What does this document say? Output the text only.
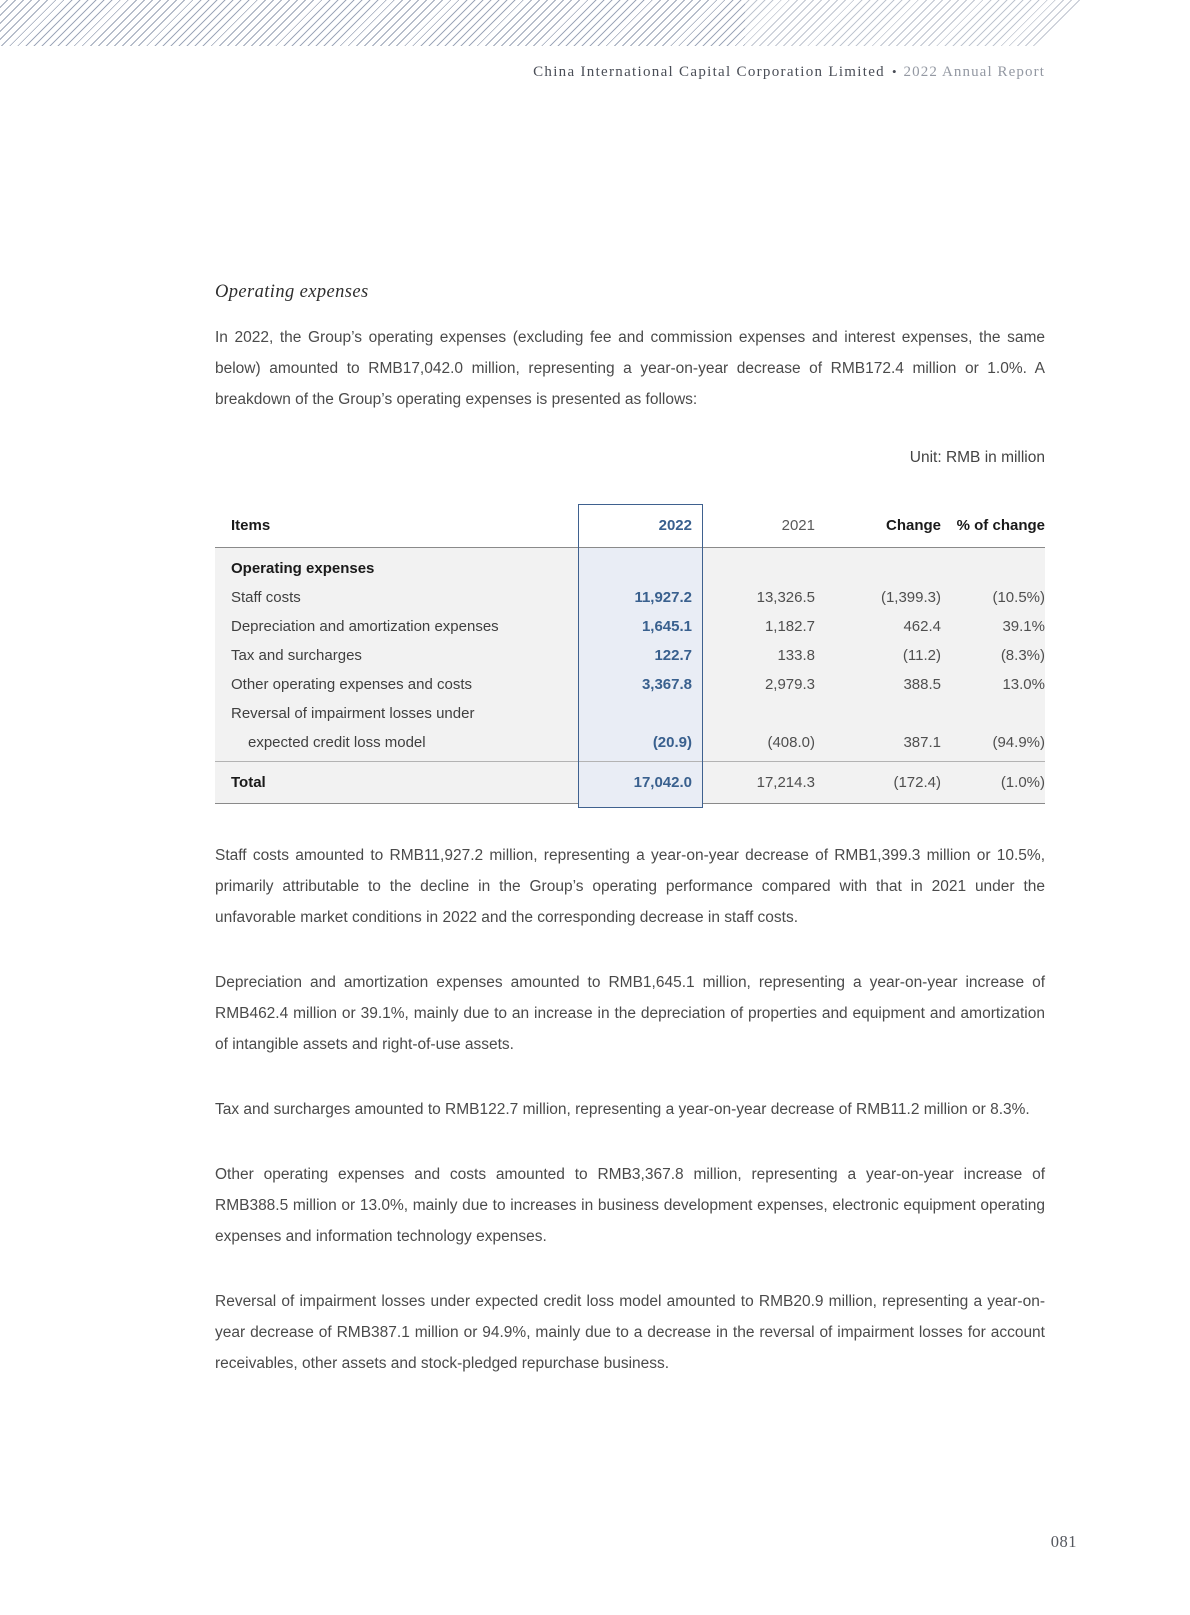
China International Capital Corporation Limited • 2022 Annual Report
Operating expenses

In 2022, the Group’s operating expenses (excluding fee and commission expenses and interest expenses, the same below) amounted to RMB17,042.0 million, representing a year-on-year decrease of RMB172.4 million or 1.0%. A breakdown of the Group’s operating expenses is presented as follows:

Unit: RMB in million
Items	2022	2021	Change	% of change
Operating expenses
Staff costs	11,927.2	13,326.5	(1,399.3)	(10.5%)
Depreciation and amortization expenses	1,645.1	1,182.7	462.4	39.1%
Tax and surcharges	122.7	133.8	(11.2)	(8.3%)
Other operating expenses and costs	3,367.8	2,979.3	388.5	13.0%
Reversal of impairment losses under
expected credit loss model	(20.9)	(408.0)	387.1	(94.9%)
Total	17,042.0	17,214.3	(172.4)	(1.0%)

Staff costs amounted to RMB11,927.2 million, representing a year-on-year decrease of RMB1,399.3 million or 10.5%, primarily attributable to the decline in the Group’s operating performance compared with that in 2021 under the unfavorable market conditions in 2022 and the corresponding decrease in staff costs.

Depreciation and amortization expenses amounted to RMB1,645.1 million, representing a year-on-year increase of RMB462.4 million or 39.1%, mainly due to an increase in the depreciation of properties and equipment and amortization of intangible assets and right-of-use assets.

Tax and surcharges amounted to RMB122.7 million, representing a year-on-year decrease of RMB11.2 million or 8.3%.

Other operating expenses and costs amounted to RMB3,367.8 million, representing a year-on-year increase of RMB388.5 million or 13.0%, mainly due to increases in business development expenses, electronic equipment operating expenses and information technology expenses.

Reversal of impairment losses under expected credit loss model amounted to RMB20.9 million, representing a year-on-year decrease of RMB387.1 million or 94.9%, mainly due to a decrease in the reversal of impairment losses for account receivables, other assets and stock-pledged repurchase business.

081
